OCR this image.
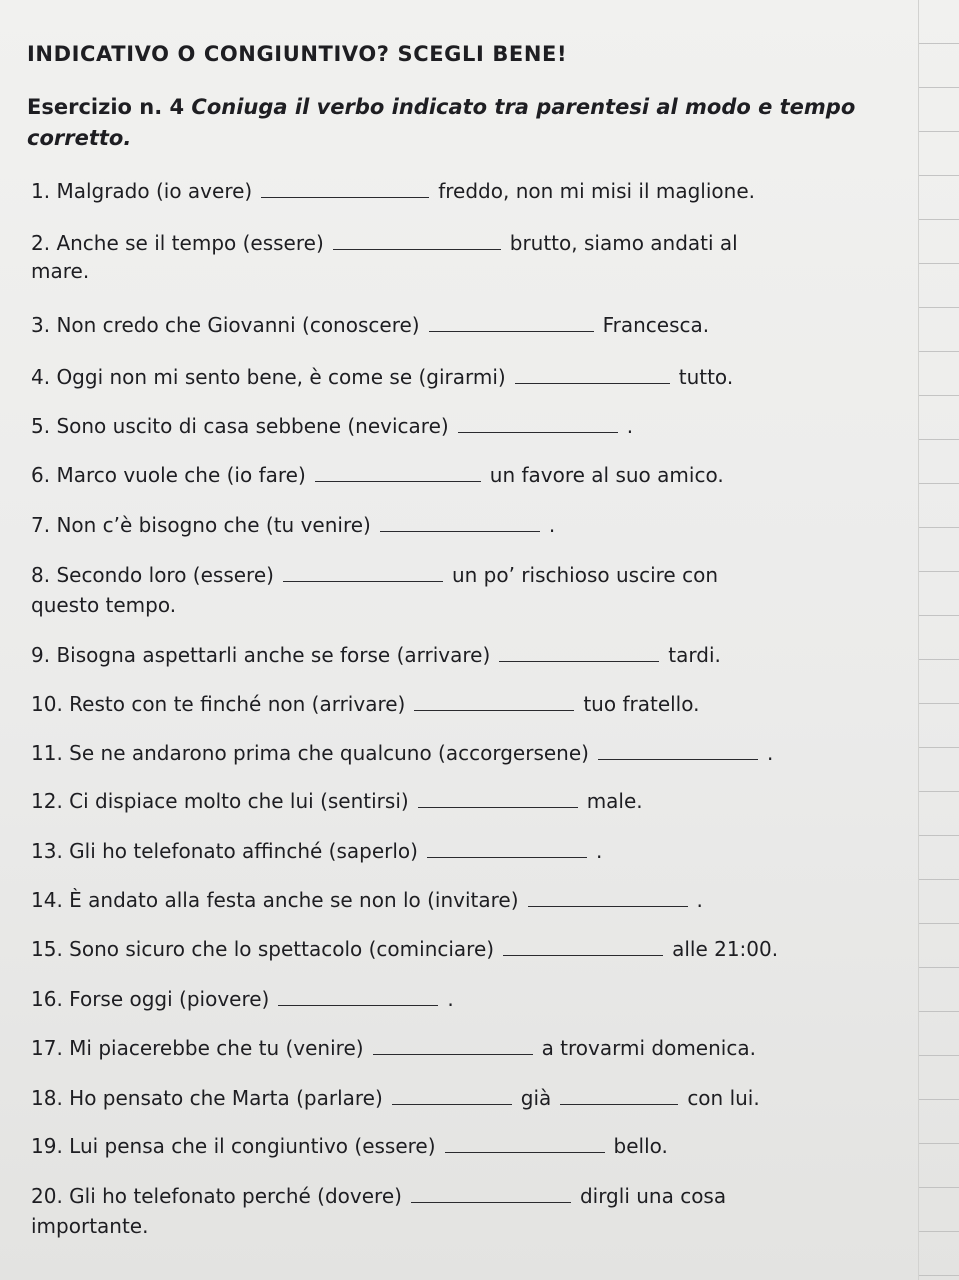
INDICATIVO O CONGIUNTIVO? SCEGLI BENE!
Esercizio n. 4 Coniuga il verbo indicato tra parentesi al modo e tempo corretto.
1. Malgrado (io avere)	freddo, non mi misi il maglione.
2. Anche se il tempo (essere)	brutto, siamo andati al
mare.
3. Non credo che Giovanni (conoscere)	Francesca.
4. Oggi non mi sento bene, è come se (girarmi)	tutto.
5. Sono uscito di casa sebbene (nevicare)	.
6. Marco vuole che (io fare)	un favore al suo amico.
7. Non c’è bisogno che (tu venire)	.
8. Secondo loro (essere)	un po’ rischioso uscire con
questo tempo.
9. Bisogna aspettarli anche se forse (arrivare)	tardi.
10. Resto con te finché non (arrivare)	tuo fratello.
11. Se ne andarono prima che qualcuno (accorgersene)	.
12. Ci dispiace molto che lui (sentirsi)	male.
13. Gli ho telefonato affinché (saperlo)	.
14. È andato alla festa anche se non lo (invitare)	.
15. Sono sicuro che lo spettacolo (cominciare)	alle 21:00.
16. Forse oggi (piovere)	.
17. Mi piacerebbe che tu (venire)	a trovarmi domenica.
18. Ho pensato che Marta (parlare)	già	con lui.
19. Lui pensa che il congiuntivo (essere)	bello.
20. Gli ho telefonato perché (dovere)	dirgli una cosa
importante.
